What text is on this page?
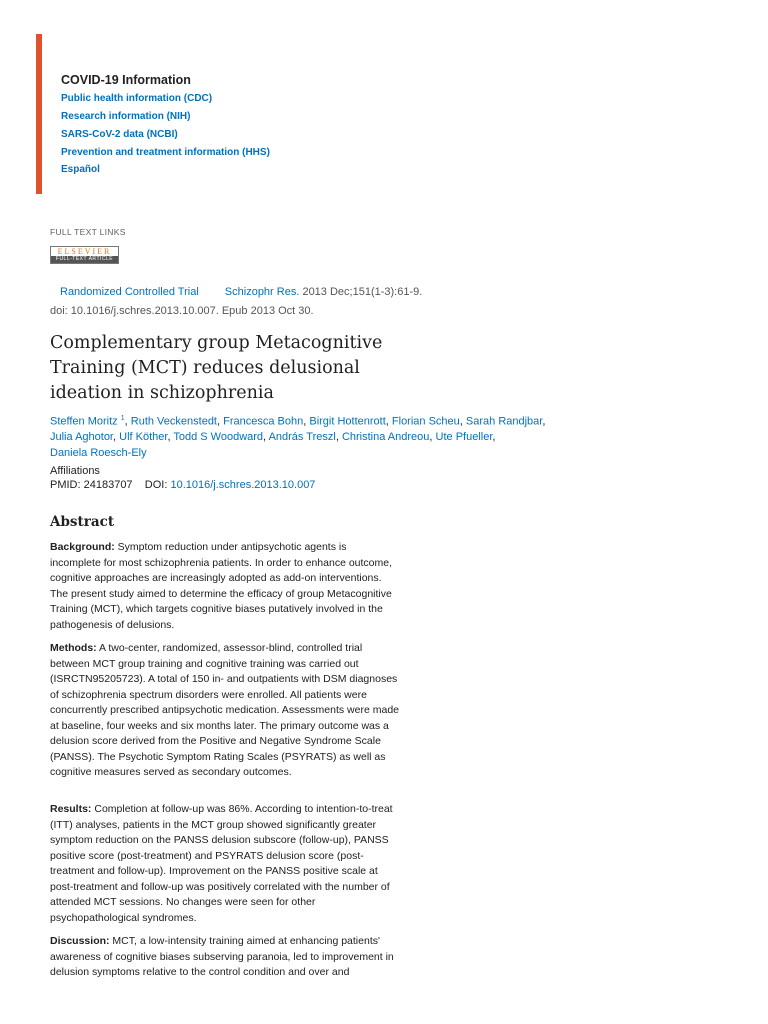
COVID-19 Information
Public health information (CDC)
Research information (NIH)
SARS-CoV-2 data (NCBI)
Prevention and treatment information (HHS)
Español
FULL TEXT LINKS
ELSEVIER
FULL-TEXT ARTICLE
Randomized Controlled Trial Schizophr Res. 2013 Dec;151(1-3):61-9.
doi: 10.1016/j.schres.2013.10.007. Epub 2013 Oct 30.
Complementary group Metacognitive Training (MCT) reduces delusional ideation in schizophrenia
Steffen Moritz $^1$, Ruth Veckenstedt, Francesca Bohn, Birgit Hottenrott, Florian Scheu, Sarah Randjbar,
Julia Aghotor, Ulf Köther, Todd S Woodward, András Treszl, Christina Andreou, Ute Pfueller,
Daniela Roesch-Ely
Affiliations
PMID: 24183707 DOI: 10.1016/j.schres.2013.10.007
Abstract

Background: Symptom reduction under antipsychotic agents is incomplete for most schizophrenia patients. In order to enhance outcome, cognitive approaches are increasingly adopted as add-on interventions. The present study aimed to determine the efficacy of group Metacognitive Training (MCT), which targets cognitive biases putatively involved in the pathogenesis of delusions.

Methods: A two-center, randomized, assessor-blind, controlled trial between MCT group training and cognitive training was carried out (ISRCTN95205723). A total of 150 in- and outpatients with DSM diagnoses of schizophrenia spectrum disorders were enrolled. All patients were concurrently prescribed antipsychotic medication. Assessments were made at baseline, four weeks and six months later. The primary outcome was a delusion score derived from the Positive and Negative Syndrome Scale (PANSS). The Psychotic Symptom Rating Scales (PSYRATS) as well as cognitive measures served as secondary outcomes.

Results: Completion at follow-up was 86%. According to intention-to-treat (ITT) analyses, patients in the MCT group showed significantly greater symptom reduction on the PANSS delusion subscore (follow-up), PANSS positive score (post-treatment) and PSYRATS delusion score (post-treatment and follow-up). Improvement on the PANSS positive scale at post-treatment and follow-up was positively correlated with the number of attended MCT sessions. No changes were seen for other psychopathological syndromes.

Discussion: MCT, a low-intensity training aimed at enhancing patients' awareness of cognitive biases subserving paranoia, led to improvement in delusion symptoms relative to the control condition and over and
